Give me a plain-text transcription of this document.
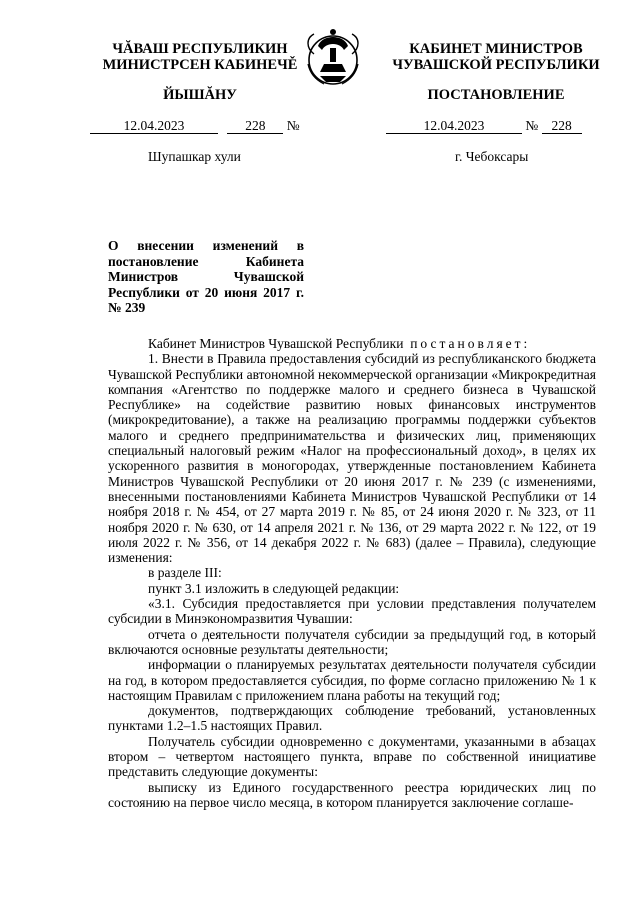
ЧĂВАШ РЕСПУБЛИКИН
МИНИСТРСЕН КАБИНЕЧĚ
ЙЫШĂНУ
КАБИНЕТ МИНИСТРОВ
ЧУВАШСКОЙ РЕСПУБЛИКИ
ПОСТАНОВЛЕНИЕ
12.04.2023	228 №	12.04.2023	№ 228
Шупашкар хули	г. Чебоксары
О внесении изменений в постановление Кабинета Министров Чувашской Республики от 20 июня 2017 г. № 239

Кабинет Министров Чувашской Республики постановляет:

1. Внести в Правила предоставления субсидий из республиканского бюджета Чувашской Республики автономной некоммерческой организации «Микрокредитная компания «Агентство по поддержке малого и среднего бизнеса в Чувашской Республике» на содействие развитию новых финансовых инструментов (микрокредитование), а также на реализацию программы поддержки субъектов малого и среднего предпринимательства и физических лиц, применяющих специальный налоговый режим «Налог на профессиональный доход», в целях их ускоренного развития в моногородах, утвержденные постановлением Кабинета Министров Чувашской Республики от 20 июня 2017 г. № 239 (с изменениями, внесенными постановлениями Кабинета Министров Чувашской Республики от 14 ноября 2018 г. № 454, от 27 марта 2019 г. № 85, от 24 июня 2020 г. № 323, от 11 ноября 2020 г. № 630, от 14 апреля 2021 г. № 136, от 29 марта 2022 г. № 122, от 19 июля 2022 г. № 356, от 14 декабря 2022 г. № 683) (далее – Правила), следующие изменения:

в разделе III:

пункт 3.1 изложить в следующей редакции:

«3.1. Субсидия предоставляется при условии представления получателем субсидии в Минэкономразвития Чувашии:

отчета о деятельности получателя субсидии за предыдущий год, в который включаются основные результаты деятельности;

информации о планируемых результатах деятельности получателя субсидии на год, в котором предоставляется субсидия, по форме согласно приложению № 1 к настоящим Правилам с приложением плана работы на текущий год;

документов, подтверждающих соблюдение требований, установленных пунктами 1.2–1.5 настоящих Правил.

Получатель субсидии одновременно с документами, указанными в абзацах втором – четвертом настоящего пункта, вправе по собственной инициативе представить следующие документы:

выписку из Единого государственного реестра юридических лиц по состоянию на первое число месяца, в котором планируется заключение соглаше-
